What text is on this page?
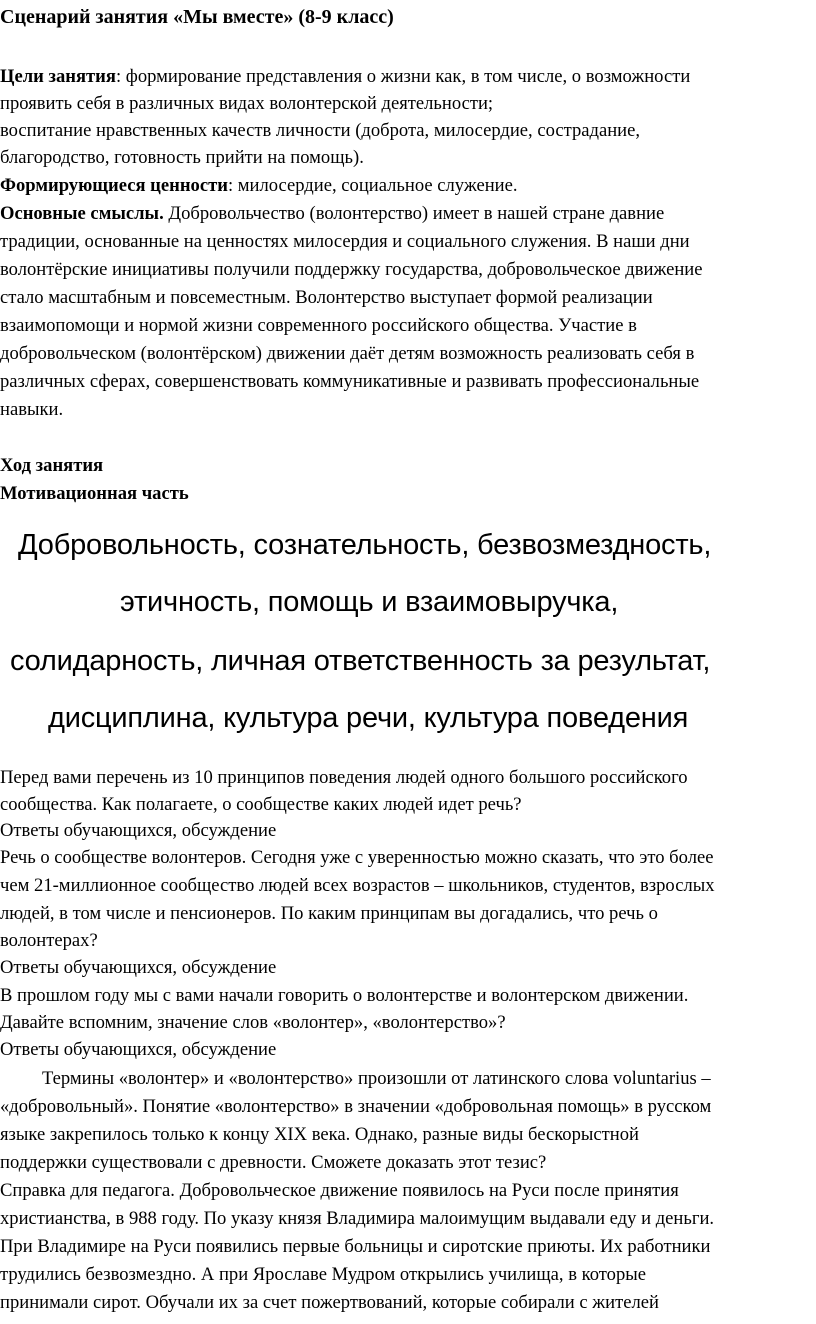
Сценарий занятия «Мы вместе» (8-9 класс)
Цели занятия: формирование представления о жизни как, в том числе, о возможности
проявить себя в различных видах волонтерской деятельности;
воспитание нравственных качеств личности (доброта, милосердие, сострадание,
благородство, готовность прийти на помощь).
Формирующиеся ценности: милосердие, социальное служение.
Основные смыслы. Добровольчество (волонтерство) имеет в нашей стране давние
традиции, основанные на ценностях милосердия и социального служения. В наши дни
волонтёрские инициативы получили поддержку государства, добровольческое движение
стало масштабным и повсеместным. Волонтерство выступает формой реализации
взаимопомощи и нормой жизни современного российского общества. Участие в
добровольческом (волонтёрском) движении даёт детям возможность реализовать себя в
различных сферах, совершенствовать коммуникативные и развивать профессиональные
навыки.
Ход занятия
Мотивационная часть
Добровольность, сознательность, безвозмездность,
этичность, помощь и взаимовыручка,
солидарность, личная ответственность за результат,
дисциплина, культура речи, культура поведения
Перед вами перечень из 10 принципов поведения людей одного большого российского
сообщества. Как полагаете, о сообществе каких людей идет речь?
Ответы обучающихся, обсуждение
Речь о сообществе волонтеров. Сегодня уже с уверенностью можно сказать, что это более
чем 21-миллионное сообщество людей всех возрастов – школьников, студентов, взрослых
людей, в том числе и пенсионеров. По каким принципам вы догадались, что речь о
волонтерах?
Ответы обучающихся, обсуждение
В прошлом году мы с вами начали говорить о волонтерстве и волонтерском движении.
Давайте вспомним, значение слов «волонтер», «волонтерство»?
Ответы обучающихся, обсуждение
Термины «волонтер» и «волонтерство» произошли от латинского слова voluntarius –
«добровольный». Понятие «волонтерство» в значении «добровольная помощь» в русском
языке закрепилось только к концу XIX века. Однако, разные виды бескорыстной
поддержки существовали с древности. Сможете доказать этот тезис?
Справка для педагога. Добровольческое движение появилось на Руси после принятия
христианства, в 988 году. По указу князя Владимира малоимущим выдавали еду и деньги.
При Владимире на Руси появились первые больницы и сиротские приюты. Их работники
трудились безвозмездно. А при Ярославе Мудром открылись училища, в которые
принимали сирот. Обучали их за счет пожертвований, которые собирали с жителей
